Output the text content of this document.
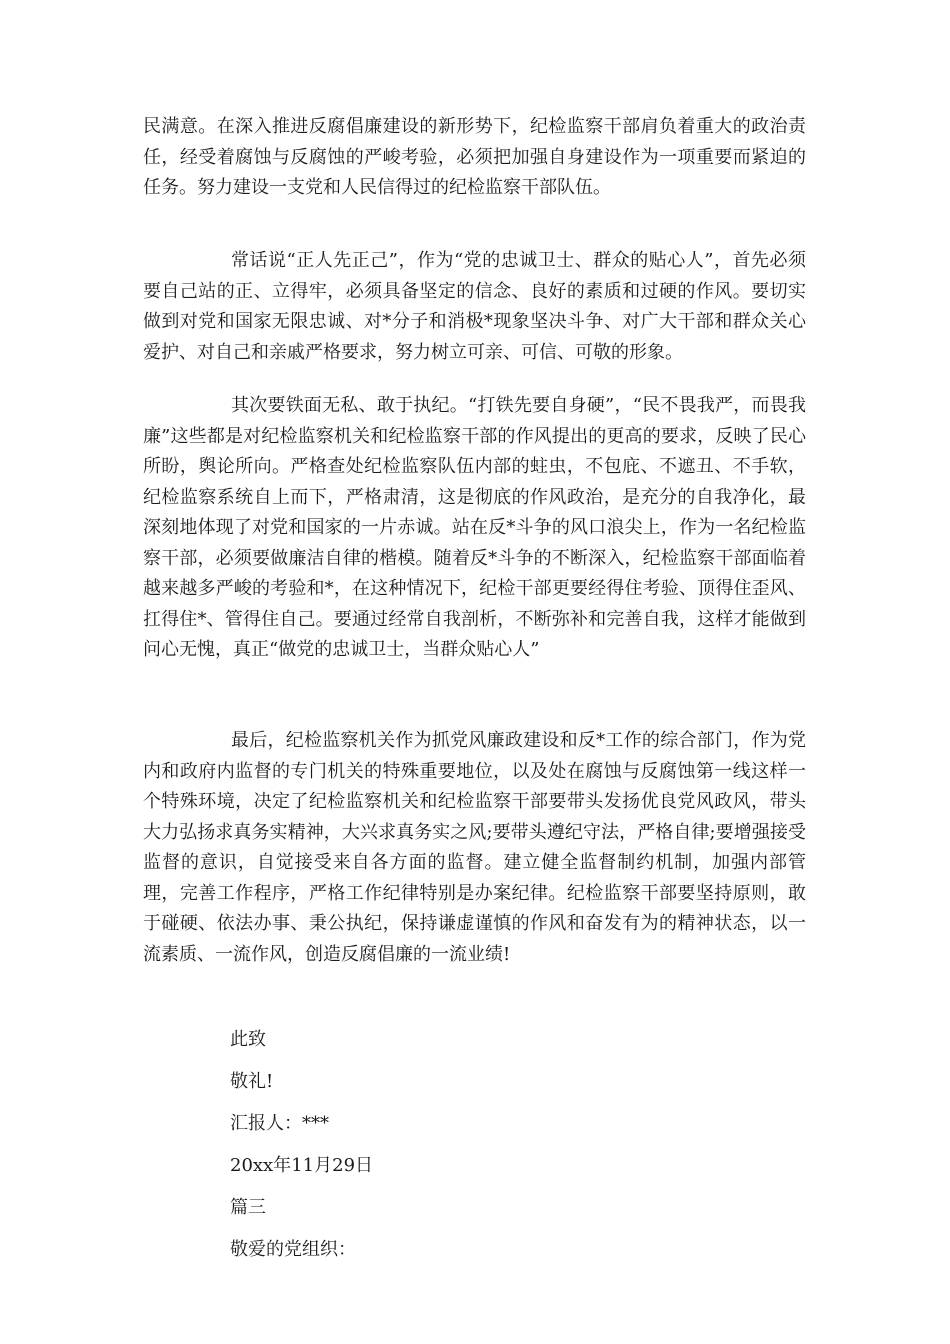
民满意。在深入推进反腐倡廉建设的新形势下，纪检监察干部肩负着重大的政治责任，经受着腐蚀与反腐蚀的严峻考验，必须把加强自身建设作为一项重要而紧迫的任务。努力建设一支党和人民信得过的纪检监察干部队伍。

常话说“正人先正己”，作为“党的忠诚卫士、群众的贴心人”，首先必须要自己站的正、立得牢，必须具备坚定的信念、良好的素质和过硬的作风。要切实做到对党和国家无限忠诚、对*分子和消极*现象坚决斗争、对广大干部和群众关心爱护、对自己和亲戚严格要求，努力树立可亲、可信、可敬的形象。

其次要铁面无私、敢于执纪。“打铁先要自身硬”，“民不畏我严，而畏我廉”这些都是对纪检监察机关和纪检监察干部的作风提出的更高的要求，反映了民心所盼，舆论所向。严格查处纪检监察队伍内部的蛀虫，不包庇、不遮丑、不手软，纪检监察系统自上而下，严格肃清，这是彻底的作风政治，是充分的自我净化，最深刻地体现了对党和国家的一片赤诚。站在反*斗争的风口浪尖上，作为一名纪检监察干部，必须要做廉洁自律的楷模。随着反*斗争的不断深入，纪检监察干部面临着越来越多严峻的考验和*，在这种情况下，纪检干部更要经得住考验、顶得住歪风、扛得住*、管得住自己。要通过经常自我剖析，不断弥补和完善自我，这样才能做到问心无愧，真正“做党的忠诚卫士，当群众贴心人”

最后，纪检监察机关作为抓党风廉政建设和反*工作的综合部门，作为党内和政府内监督的专门机关的特殊重要地位，以及处在腐蚀与反腐蚀第一线这样一个特殊环境，决定了纪检监察机关和纪检监察干部要带头发扬优良党风政风，带头大力弘扬求真务实精神，大兴求真务实之风;要带头遵纪守法，严格自律;要增强接受监督的意识，自觉接受来自各方面的监督。建立健全监督制约机制，加强内部管理，完善工作程序，严格工作纪律特别是办案纪律。纪检监察干部要坚持原则，敢于碰硬、依法办事、秉公执纪，保持谦虚谨慎的作风和奋发有为的精神状态，以一流素质、一流作风，创造反腐倡廉的一流业绩!

此致

敬礼!

汇报人：***

20xx年11月29日

篇三

敬爱的党组织：
